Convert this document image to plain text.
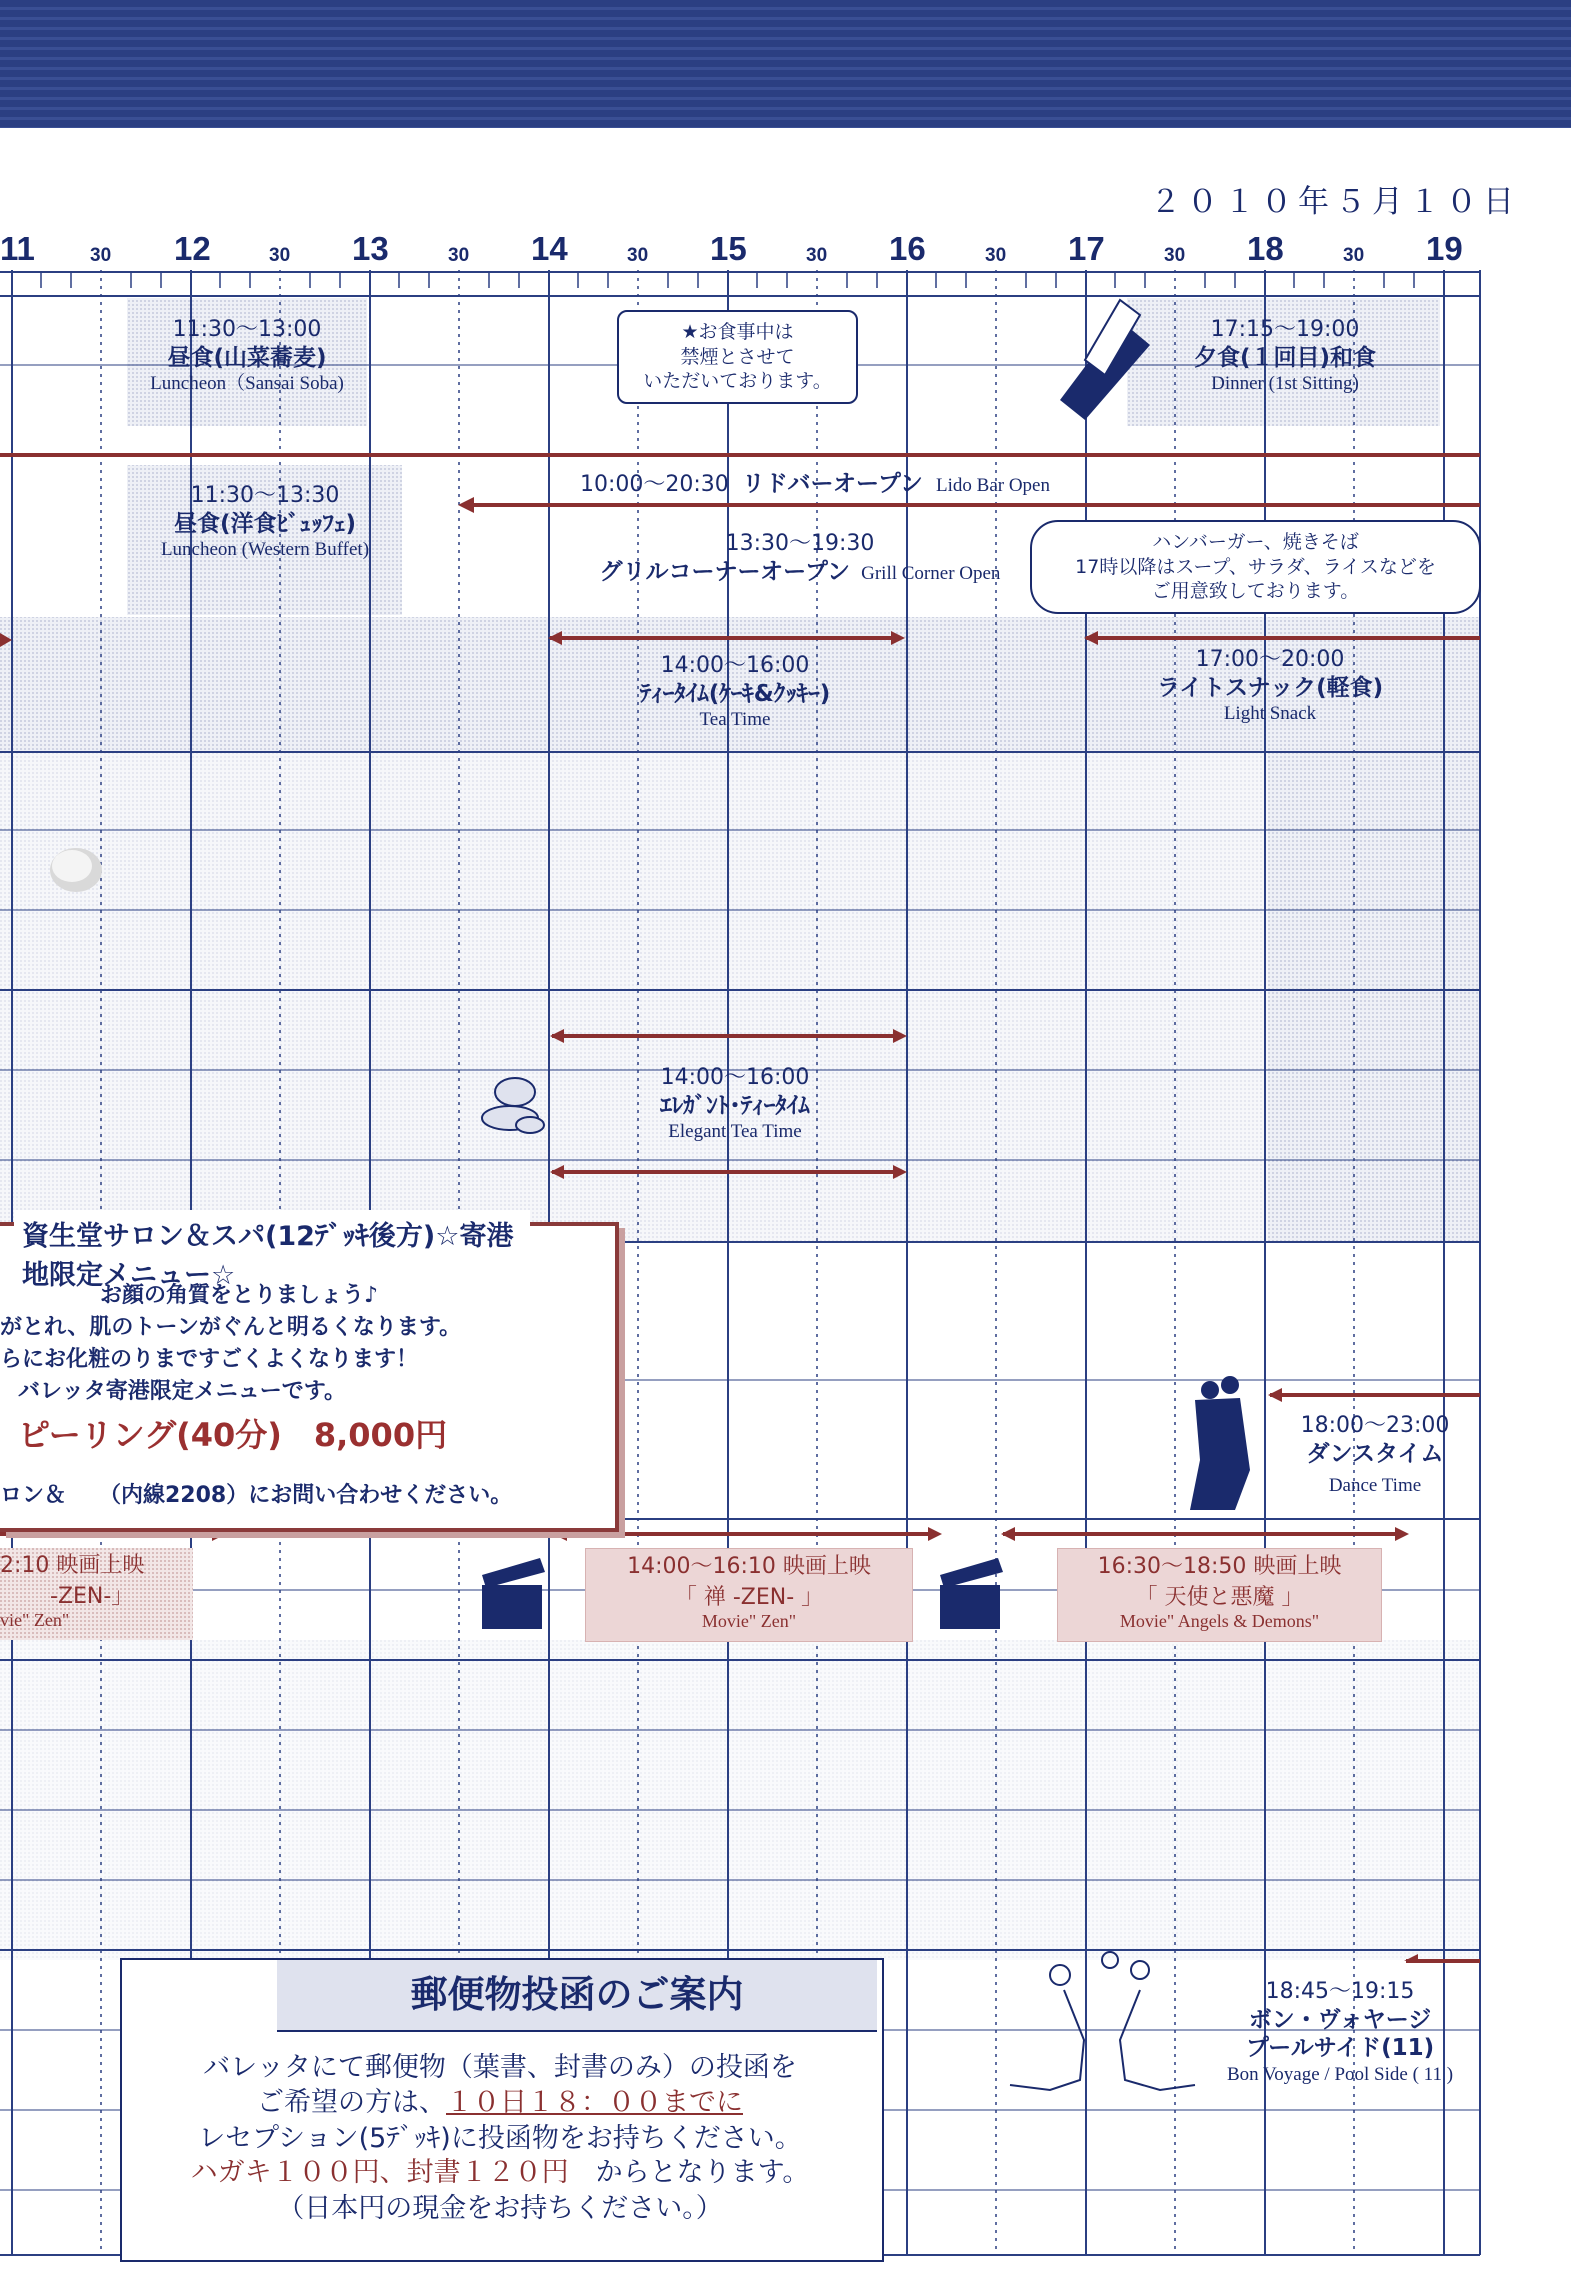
２０１０年５月１０日
11	12	13	14	15	16	17	18	19
30	30	30	30	30	30	30	30
11:30～13:00
昼食(山菜蕎麦)
Luncheon（Sansai Soba)
★お食事中は
禁煙とさせて
いただいております。
17:15～19:00
夕食(１回目)和食
Dinner (1st Sitting)
10:00～20:30 リドバーオープン Lido Bar Open
11:30～13:30
昼食(洋食ﾋﾞｭｯﾌｪ)
Luncheon (Western Buffet)	13:30～19:30
グリルコーナーオープン Grill Corner Open
ハンバーガー、焼きそば
17時以降はスープ、サラダ、ライスなどを
ご用意致しております。
14:00～16:00
ﾃｨｰﾀｲﾑ(ｹｰｷ&ｸｯｷｰ)
Tea Time
17:00～20:00
ライトスナック(軽食)
Light Snack
14:00～16:00
ｴﾚｶﾞﾝﾄ･ﾃｨｰﾀｲﾑ
Elegant Tea Time
18:00～23:00
ダンスタイム
Dance Time
18:45～19:15
ボン・ヴォヤージ
プールサイド(11)
Bon Voyage / Pool Side ( 11 )
資生堂サロン＆スパ(12ﾃﾞｯｷ後方)☆寄港地限定メニュー☆
お顔の角質をとりましょう♪
がとれ、肌のトーンがぐんと明るくなります。
らにお化粧のりまですごくよくなります！
バレッタ寄港限定メニューです。
ピーリング(40分)　8,000円
ロン＆　　（内線2208）にお問い合わせください。
2:10 映画上映
-ZEN-」
vie" Zen"
14:00～16:10 映画上映
「 禅 -ZEN- 」
Movie" Zen"
16:30～18:50 映画上映
「 天使と悪魔 」
Movie" Angels & Demons"
郵便物投函のご案内
バレッタにて郵便物（葉書、封書のみ）の投函を
ご希望の方は、１０日１８：００までに
レセプション(5ﾃﾞｯｷ)に投函物をお持ちください。
ハガキ１００円、封書１２０円　からとなります。
（日本円の現金をお持ちください。）
